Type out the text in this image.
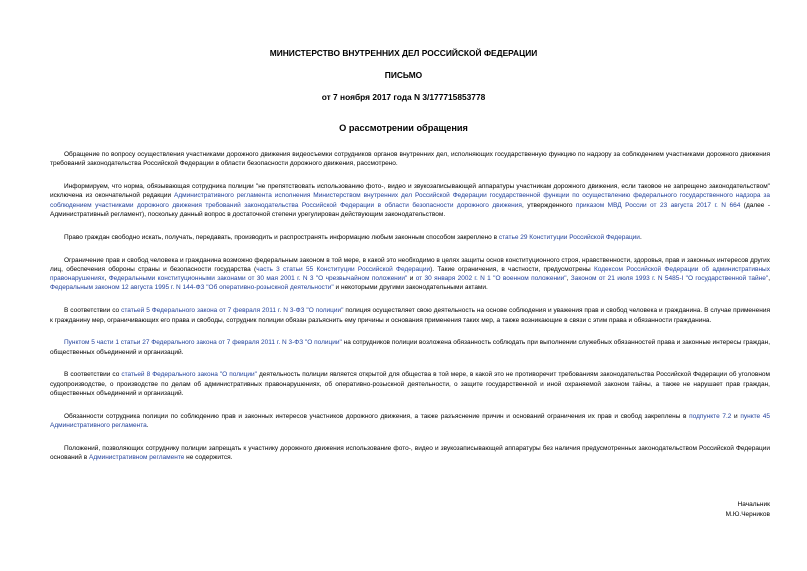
МИНИСТЕРСТВО ВНУТРЕННИХ ДЕЛ РОССИЙСКОЙ ФЕДЕРАЦИИ
ПИСЬМО
от 7 ноября 2017 года N 3/177715853778
О рассмотрении обращения

Обращение по вопросу осуществления участниками дорожного движения видеосъемки сотрудников органов внутренних дел, исполняющих государственную функцию по надзору за соблюдением участниками дорожного движения требований законодательства Российской Федерации в области безопасности дорожного движения, рассмотрено.

Информируем, что норма, обязывающая сотрудника полиции "не препятствовать использованию фото-, видео и звукозаписывающей аппаратуры участникам дорожного движения, если таковое не запрещено законодательством" исключена из окончательной редакции Административного регламента исполнения Министерством внутренних дел Российской Федерации государственной функции по осуществлению федерального государственного надзора за соблюдением участниками дорожного движения требований законодательства Российской Федерации в области безопасности дорожного движения, утвержденного приказом МВД России от 23 августа 2017 г. N 664 (далее - Административный регламент), поскольку данный вопрос в достаточной степени урегулирован действующим законодательством.

Право граждан свободно искать, получать, передавать, производить и распространять информацию любым законным способом закреплено в статье 29 Конституции Российской Федерации.

Ограничение прав и свобод человека и гражданина возможно федеральным законом в той мере, в какой это необходимо в целях защиты основ конституционного строя, нравственности, здоровья, прав и законных интересов других лиц, обеспечения обороны страны и безопасности государства (часть 3 статьи 55 Конституции Российской Федерации). Такие ограничения, в частности, предусмотрены Кодексом Российской Федерации об административных правонарушениях, Федеральными конституционными законами от 30 мая 2001 г. N 3 "О чрезвычайном положении" и от 30 января 2002 г. N 1 "О военном положении", Законом от 21 июля 1993 г. N 5485-I "О государственной тайне", Федеральным законом 12 августа 1995 г. N 144-ФЗ "Об оперативно-розыскной деятельности" и некоторыми другими законодательными актами.

В соответствии со статьей 5 Федерального закона от 7 февраля 2011 г. N 3-ФЗ "О полиции" полиция осуществляет свою деятельность на основе соблюдения и уважения прав и свобод человека и гражданина. В случае применения к гражданину мер, ограничивающих его права и свободы, сотрудник полиции обязан разъяснить ему причины и основания применения таких мер, а также возникающие в связи с этим права и обязанности гражданина.

Пунктом 5 части 1 статьи 27 Федерального закона от 7 февраля 2011 г. N 3-ФЗ "О полиции" на сотрудников полиции возложена обязанность соблюдать при выполнении служебных обязанностей права и законные интересы граждан, общественных объединений и организаций.

В соответствии со статьей 8 Федерального закона "О полиции" деятельность полиции является открытой для общества в той мере, в какой это не противоречит требованиям законодательства Российской Федерации об уголовном судопроизводстве, о производстве по делам об административных правонарушениях, об оперативно-розыскной деятельности, о защите государственной и иной охраняемой законом тайны, а также не нарушает прав граждан, общественных объединений и организаций.

Обязанности сотрудника полиции по соблюдению прав и законных интересов участников дорожного движения, а также разъяснение причин и оснований ограничения их прав и свобод закреплены в подпункте 7.2 и пункте 45 Административного регламента.

Положений, позволяющих сотруднику полиции запрещать к участнику дорожного движения использование фото-, видео и звукозаписывающей аппаратуры без наличия предусмотренных законодательством Российской Федерации оснований в Административном регламенте не содержится.

Начальник
М.Ю.Черников
